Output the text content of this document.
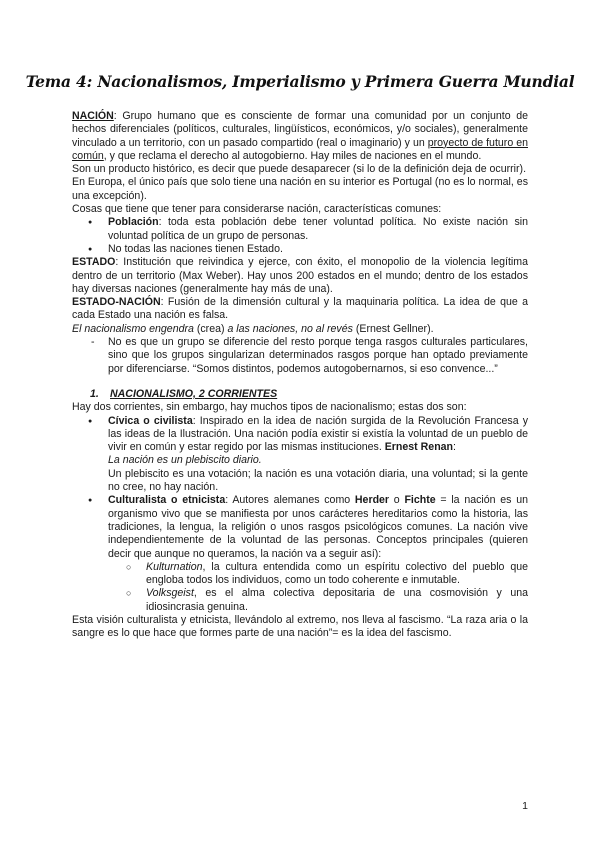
Tema 4: Nacionalismos, Imperialismo y Primera Guerra Mundial

NACIÓN: Grupo humano que es consciente de formar una comunidad por un conjunto de hechos diferenciales (políticos, culturales, lingüísticos, económicos, y/o sociales), generalmente vinculado a un territorio, con un pasado compartido (real o imaginario) y un proyecto de futuro en común, y que reclama el derecho al autogobierno. Hay miles de naciones en el mundo.

Son un producto histórico, es decir que puede desaparecer (si lo de la definición deja de ocurrir).

En Europa, el único país que solo tiene una nación en su interior es Portugal (no es lo normal, es una excepción).

Cosas que tiene que tener para considerarse nación, características comunes:

● Población: toda esta población debe tener voluntad política. No existe nación sin voluntad política de un grupo de personas.
● No todas las naciones tienen Estado.

ESTADO: Institución que reivindica y ejerce, con éxito, el monopolio de la violencia legítima dentro de un territorio (Max Weber). Hay unos 200 estados en el mundo; dentro de los estados hay diversas naciones (generalmente hay más de una).

ESTADO-NACIÓN: Fusión de la dimensión cultural y la maquinaria política. La idea de que a cada Estado una nación es falsa.

El nacionalismo engendra (crea) a las naciones, no al revés (Ernest Gellner).

- No es que un grupo se diferencie del resto porque tenga rasgos culturales particulares, sino que los grupos singularizan determinados rasgos porque han optado previamente por diferenciarse. “Somos distintos, podemos autogobernarnos, si eso convence...”
1. NACIONALISMO, 2 CORRIENTES

Hay dos corrientes, sin embargo, hay muchos tipos de nacionalismo; estas dos son:

● Cívica o civilista: Inspirado en la idea de nación surgida de la Revolución Francesa y las ideas de la Ilustración. Una nación podía existir si existía la voluntad de un pueblo de vivir en común y estar regido por las mismas instituciones. Ernest Renan:
La nación es un plebiscito diario.
Un plebiscito es una votación; la nación es una votación diaria, una voluntad; si la gente no cree, no hay nación.
● Culturalista o etnicista: Autores alemanes como Herder o Fichte = la nación es un organismo vivo que se manifiesta por unos carácteres hereditarios como la historia, las tradiciones, la lengua, la religión o unos rasgos psicológicos comunes. La nación vive independientemente de la voluntad de las personas. Conceptos principales (quieren decir que aunque no queramos, la nación va a seguir así):
○ Kulturnation, la cultura entendida como un espíritu colectivo del pueblo que engloba todos los individuos, como un todo coherente e inmutable.
○ Volksgeist, es el alma colectiva depositaria de una cosmovisión y una idiosincrasia genuina.

Esta visión culturalista y etnicista, llevándolo al extremo, nos lleva al fascismo. “La raza aria o la sangre es lo que hace que formes parte de una nación”= es la idea del fascismo.

1
